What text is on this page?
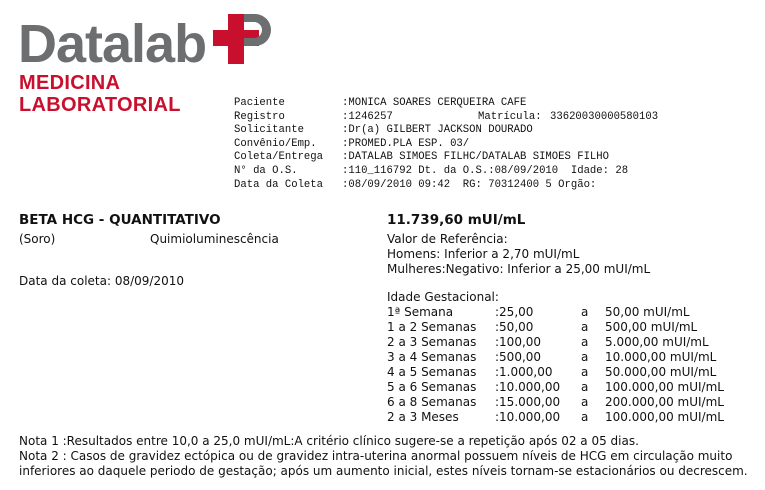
Datalab
MEDICINA LABORATORIAL	Paciente	:MONICA SOARES CERQUEIRA CAFE
Registro	:1246257	Matrícula: 33620030000580103
Solicitante	:Dr(a) GILBERT JACKSON DOURADO
Convênio/Emp. :PROMED.PLA ESP. 03/
Coleta/Entrega :DATALAB SIMOES FILHC/DATALAB SIMOES FILHO
N° da O.S.	:110_116792 Dt. da O.S.:08/09/2010  Idade: 28
Data da Coleta :08/09/2010 09:42  RG: 70312400 5 Orgão:
BETA HCG - QUANTITATIVO
(Soro)	Quimioluminescência
Data da coleta: 08/09/2010
11.739,60 mUI/mL
Valor de Referência:
Homens: Inferior a 2,70 mUI/mL
Mulheres:Negativo: Inferior a 25,00 mUI/mL
Idade Gestacional:
1ª Semana	:25,00	a 50,00 mUI/mL
1 a 2 Semanas :50,00	a 500,00 mUI/mL
2 a 3 Semanas :100,00	a 5.000,00 mUI/mL
3 a 4 Semanas :500,00	a 10.000,00 mUI/mL
4 a 5 Semanas :1.000,00 a 50.000,00 mUI/mL
5 a 6 Semanas :10.000,00 a 100.000,00 mUI/mL
6 a 8 Semanas :15.000,00 a 200.000,00 mUI/mL
2 a 3 Meses	:10.000,00 a 100.000,00 mUI/mL
Nota 1 :Resultados entre 10,0 a 25,0 mUI/mL:A critério clínico sugere-se a repetição após 02 a 05 dias.
Nota 2 : Casos de gravidez ectópica ou de gravidez intra-uterina anormal possuem níveis de HCG em circulação muito
inferiores ao daquele periodo de gestação; após um aumento inicial, estes níveis tornam-se estacionários ou decrescem.
